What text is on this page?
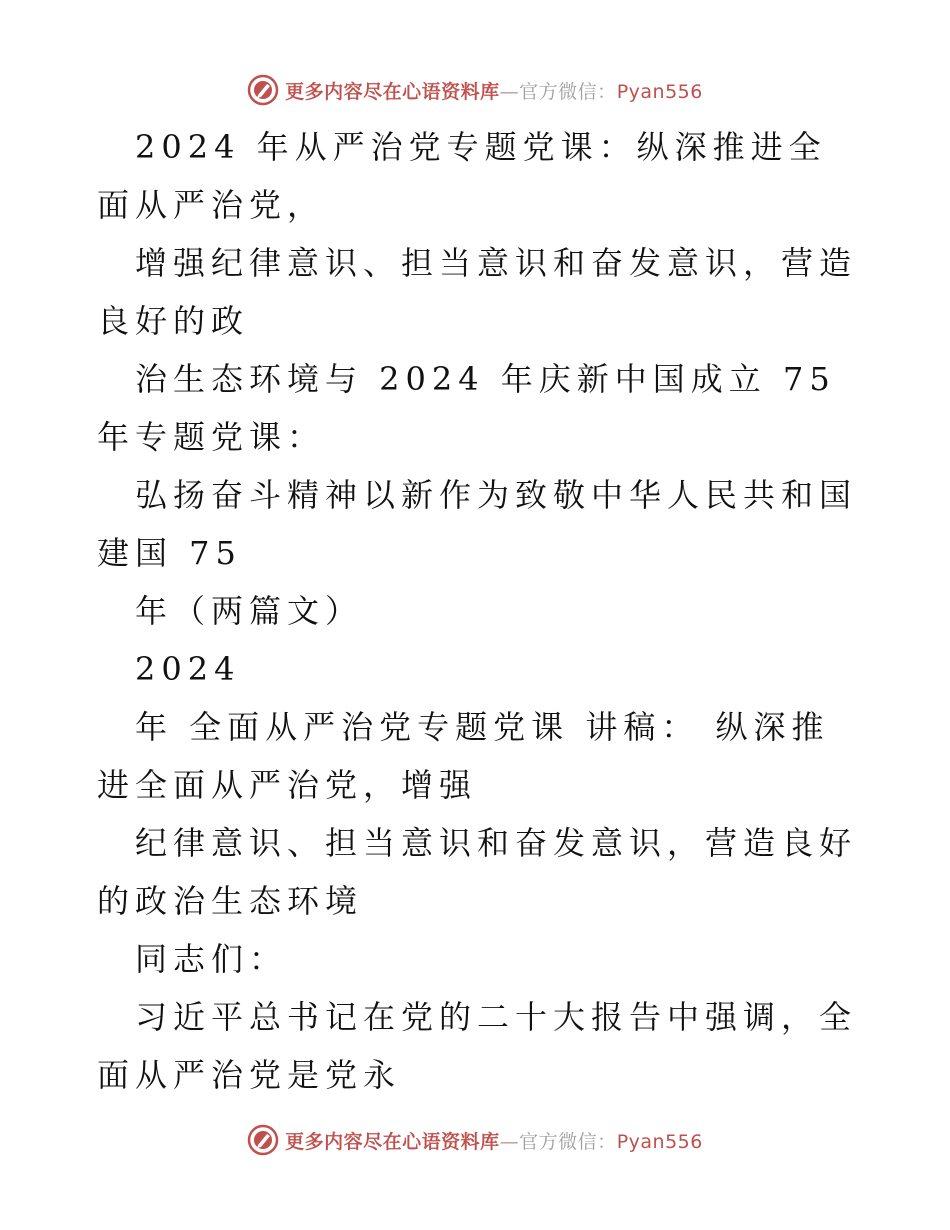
更多内容尽在心语资料库—官方微信：Pyan556

2024 年从严治党专题党课：纵深推进全面从严治党，

增强纪律意识、担当意识和奋发意识，营造良好的政

治生态环境与 2024 年庆新中国成立 75 年专题党课：

弘扬奋斗精神以新作为致敬中华人民共和国建国 75

年（两篇文）

2024

年 全面从严治党专题党课 讲稿： 纵深推进全面从严治党，增强

纪律意识、担当意识和奋发意识，营造良好的政治生态环境

同志们：

习近平总书记在党的二十大报告中强调，全面从严治党是党永

更多内容尽在心语资料库—官方微信：Pyan556
